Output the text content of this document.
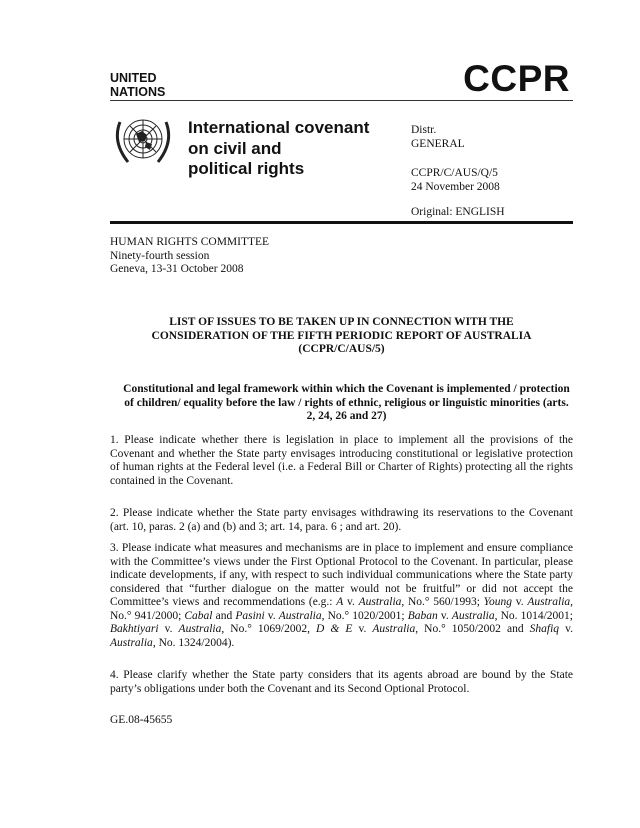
UNITED
NATIONS	CCPR
International covenant
on civil and
political rights
Distr.
GENERAL
CCPR/C/AUS/Q/5
24 November 2008
Original: ENGLISH
HUMAN RIGHTS COMMITTEE
Ninety-fourth session
Geneva, 13-31 October 2008
LIST OF ISSUES TO BE TAKEN UP IN CONNECTION WITH THE
CONSIDERATION OF THE FIFTH PERIODIC REPORT OF AUSTRALIA
(CCPR/C/AUS/5)
Constitutional and legal framework within which the Covenant is implemented / protection of children/ equality before the law / rights of ethnic, religious or linguistic minorities (arts. 2, 24, 26 and 27)
1. Please indicate whether there is legislation in place to implement all the provisions of the Covenant and whether the State party envisages introducing constitutional or legislative protection of human rights at the Federal level (i.e. a Federal Bill or Charter of Rights) protecting all the rights contained in the Covenant.
2. Please indicate whether the State party envisages withdrawing its reservations to the Covenant (art. 10, paras. 2 (a) and (b) and 3; art. 14, para. 6 ; and art. 20).
3. Please indicate what measures and mechanisms are in place to implement and ensure compliance with the Committee’s views under the First Optional Protocol to the Covenant. In particular, please indicate developments, if any, with respect to such individual communications where the State party considered that “further dialogue on the matter would not be fruitful” or did not accept the Committee’s views and recommendations (e.g.: A v. Australia, No.° 560/1993; Young v. Australia, No.° 941/2000; Cabal and Pasini v. Australia, No.° 1020/2001; Baban v. Australia, No. 1014/2001; Bakhtiyari v. Australia, No.° 1069/2002, D & E v. Australia, No.° 1050/2002 and Shafiq v. Australia, No. 1324/2004).
4. Please clarify whether the State party considers that its agents abroad are bound by the State party’s obligations under both the Covenant and its Second Optional Protocol.
GE.08-45655
